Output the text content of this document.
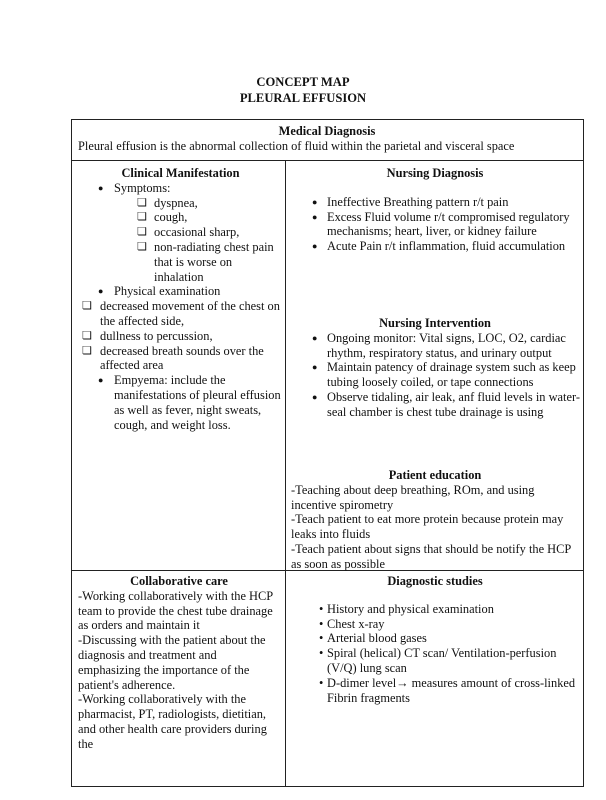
CONCEPT MAP
PLEURAL EFFUSION
Medical Diagnosis
Pleural effusion is the abnormal collection of fluid within the parietal and visceral space
Clinical Manifestation
● Symptoms:
❏ dyspnea,
❏ cough,
❏ occasional sharp,
❏ non-radiating chest pain that is worse on inhalation
● Physical examination
❏ decreased movement of the chest on the affected side,
❏ dullness to percussion,
❏ decreased breath sounds over the affected area
● Empyema: include the manifestations of pleural effusion as well as fever, night sweats, cough, and weight loss.
Nursing Diagnosis
● Ineffective Breathing pattern r/t pain
● Excess Fluid volume r/t compromised regulatory mechanisms; heart, liver, or kidney failure
● Acute Pain r/t inflammation, fluid accumulation
Nursing Intervention
● Ongoing monitor: Vital signs, LOC, O2, cardiac rhythm, respiratory status, and urinary output
● Maintain patency of drainage system such as keep tubing loosely coiled, or tape connections
● Observe tidaling, air leak, anf fluid levels in water-seal chamber is chest tube drainage is using
Patient education
-Teaching about deep breathing, ROm, and using incentive spirometry
-Teach patient to eat more protein because protein may leaks into fluids
-Teach patient about signs that should be notify the HCP as soon as possible
Collaborative care
-Working collaboratively with the HCP team to provide the chest tube drainage as orders and maintain it
-Discussing with the patient about the diagnosis and treatment and emphasizing the importance of the patient's adherence.
-Working collaboratively with the pharmacist, PT, radiologists, dietitian, and other health care providers during the
Diagnostic studies
• History and physical examination
• Chest x-ray
• Arterial blood gases
• Spiral (helical) CT scan/ Ventilation-perfusion (V/Q) lung scan
• D-dimer level→ measures amount of cross-linked Fibrin fragments
